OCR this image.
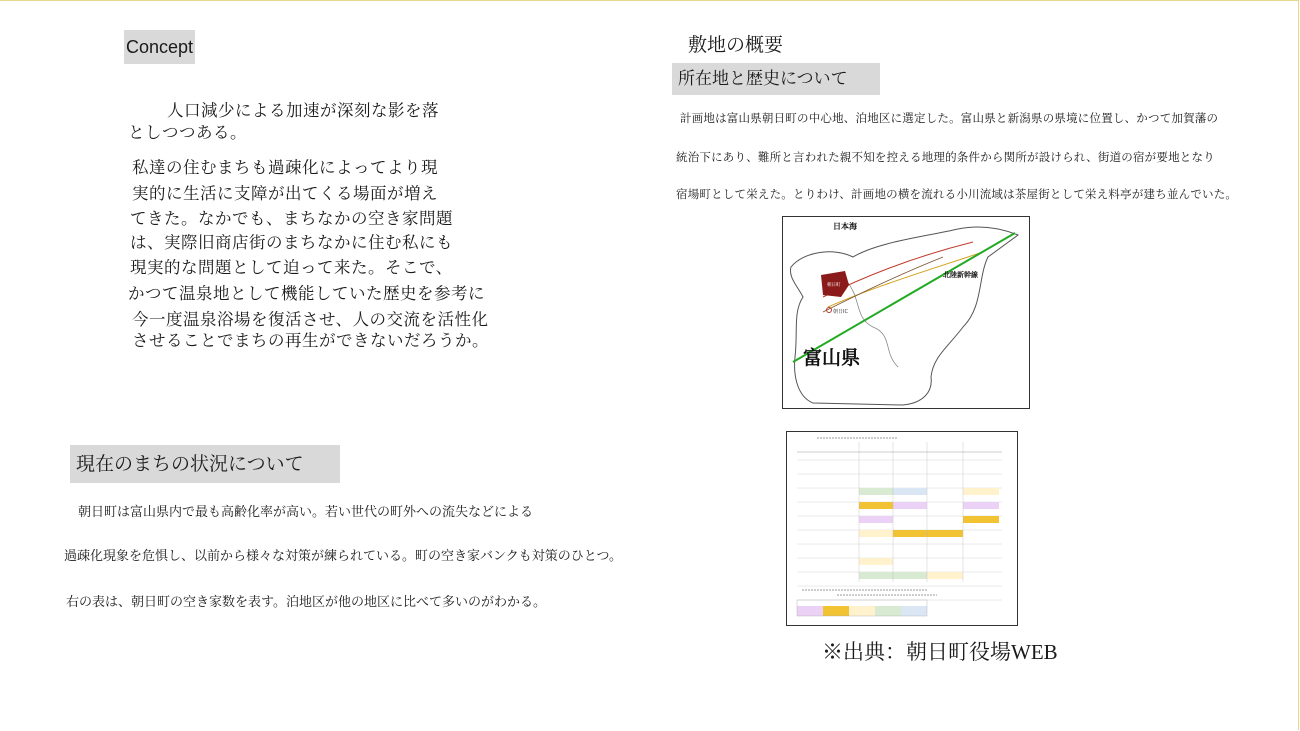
Concept

　人口減少による加速が深刻な影を落

としつつある。

私達の住むまちも過疎化によってより現

実的に生活に支障が出てくる場面が増え

てきた。なかでも、まちなかの空き家問題

は、実際旧商店街のまちなかに住む私にも

現実的な問題として迫って来た。そこで、

かつて温泉地として機能していた歴史を参考に

今一度温泉浴場を復活させ、人の交流を活性化

させることでまちの再生ができないだろうか。

敷地の概要
所在地と歴史について

計画地は富山県朝日町の中心地、泊地区に選定した。富山県と新潟県の県境に位置し、かつて加賀藩の

統治下にあり、難所と言われた親不知を控える地理的条件から関所が設けられ、街道の宿が要地となり

宿場町として栄えた。とりわけ、計画地の横を流れる小川流域は茶屋街として栄え料亭が建ち並んでいた。

日本海
北陸新幹線
朝日町
朝日IC
富山県
現在のまちの状況について

朝日町は富山県内で最も高齢化率が高い。若い世代の町外への流失などによる

過疎化現象を危惧し、以前から様々な対策が練られている。町の空き家バンクも対策のひとつ。

右の表は、朝日町の空き家数を表す。泊地区が他の地区に比べて多いのがわかる。

※出典：朝日町役場WEB
